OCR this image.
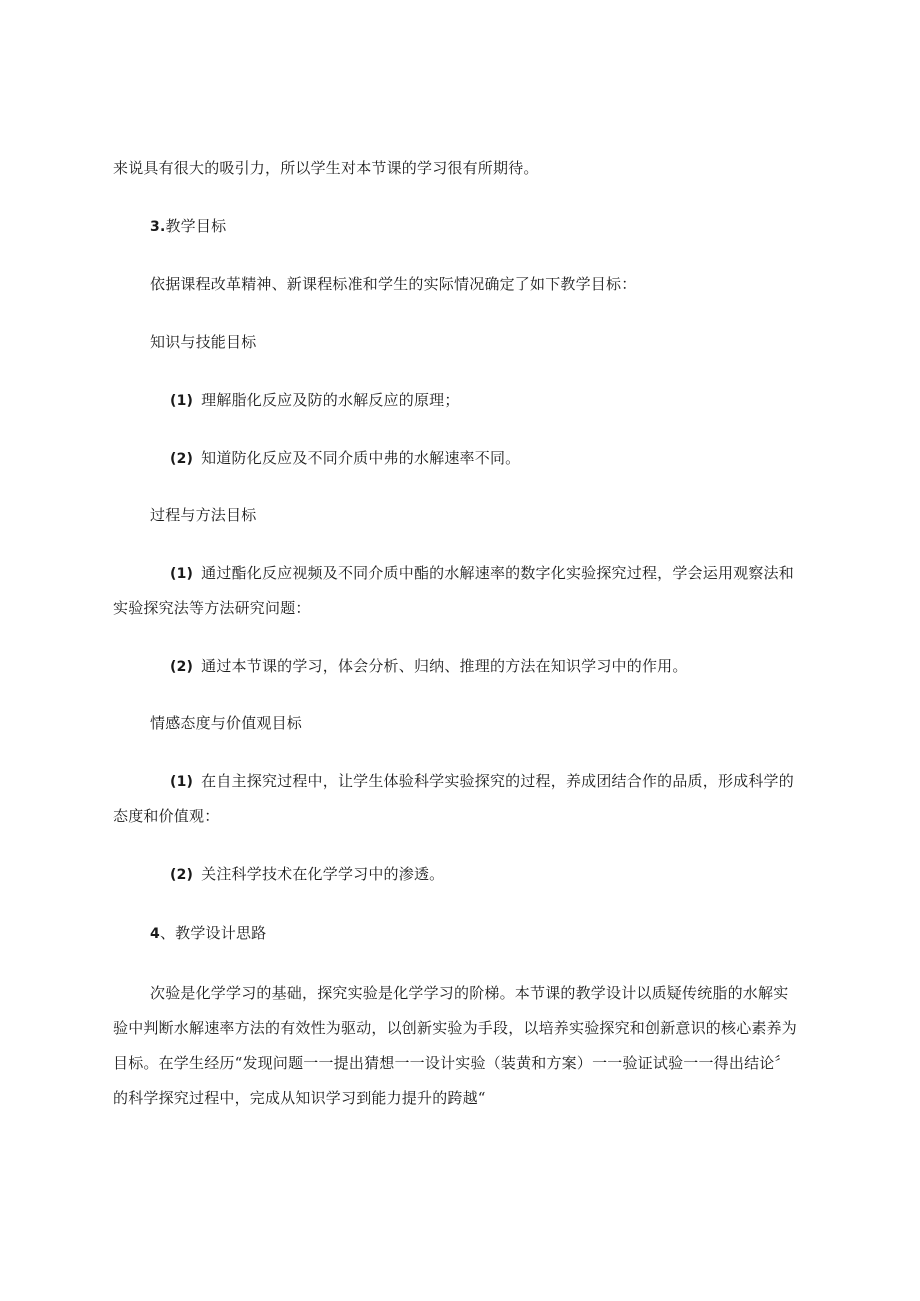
来说具有很大的吸引力，所以学生对本节课的学习很有所期待。
3.教学目标
依据课程改革精神、新课程标准和学生的实际情况确定了如下教学目标：
知识与技能目标
(1) 理解脂化反应及防的水解反应的原理；
(2) 知道防化反应及不同介质中弗的水解速率不同。
过程与方法目标
(1) 通过酯化反应视频及不同介质中酯的水解速率的数字化实验探究过程，学会运用观察法和
实验探究法等方法研究问题：
(2) 通过本节课的学习，体会分析、归纳、推理的方法在知识学习中的作用。
情感态度与价值观目标
(1) 在自主探究过程中，让学生体验科学实验探究的过程，养成团结合作的品质，形成科学的
态度和价值观：
(2) 关注科学技术在化学学习中的渗透。
4、教学设计思路
次验是化学学习的基础，探究实验是化学学习的阶梯。本节课的教学设计以质疑传统脂的水解实
验中判断水解速率方法的有效性为驱动，以创新实验为手段，以培养实验探究和创新意识的核心素养为
目标。在学生经历“发现问题一一提出猜想一一设计实验（装黄和方案）一一验证试验一一得出结论〞
的科学探究过程中，完成从知识学习到能力提升的跨越“
